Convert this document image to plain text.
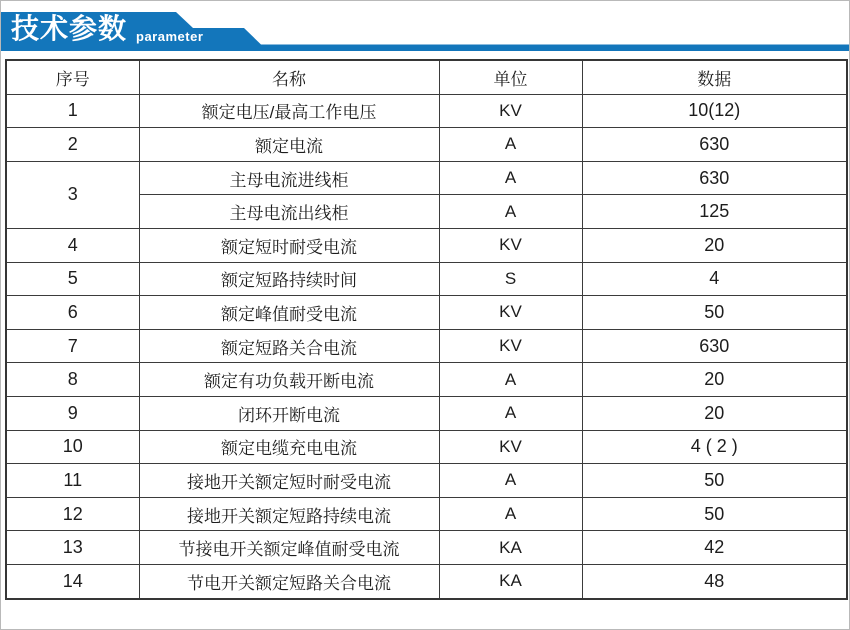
技术参数 parameter
序号	名称	单位	数据
1	额定电压/最高工作电压	KV	10(12)
2	额定电流	A	630
3	主母电流进线柜	A	630
	主母电流出线柜	A	125
4	额定短时耐受电流	KV	20
5	额定短路持续时间	S	4
6	额定峰值耐受电流	KV	50
7	额定短路关合电流	KV	630
8	额定有功负载开断电流	A	20
9	闭环开断电流	A	20
10	额定电缆充电电流	KV	4 ( 2 )
11	接地开关额定短时耐受电流	A	50
12	接地开关额定短路持续电流	A	50
13	节接电开关额定峰值耐受电流	KA	42
14	节电开关额定短路关合电流	KA	48
